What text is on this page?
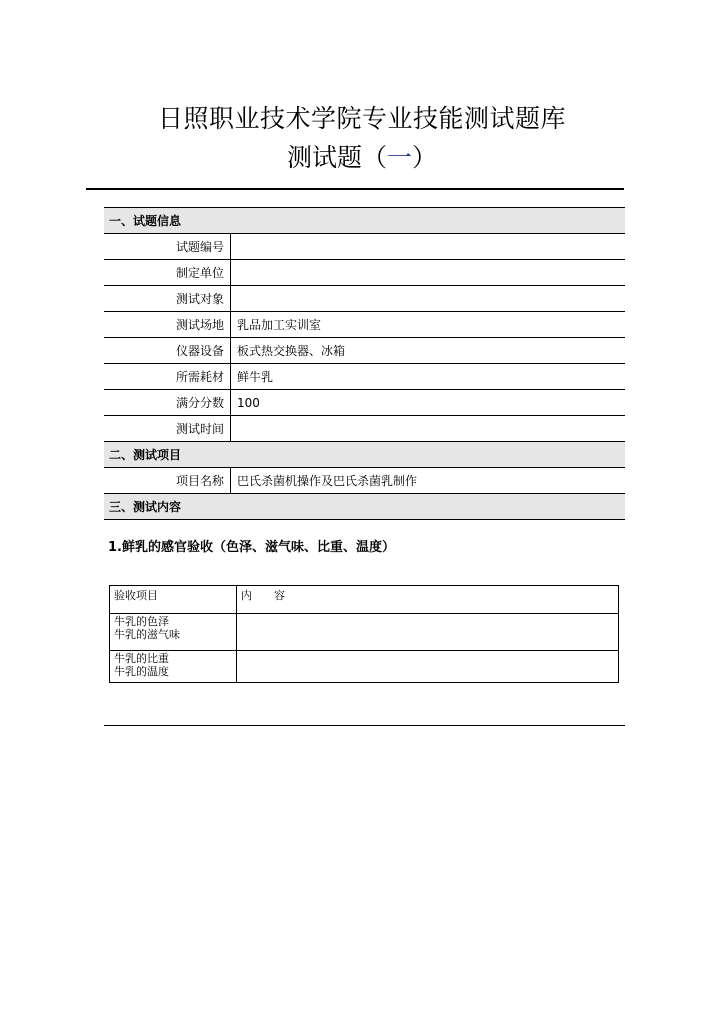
日照职业技术学院专业技能测试题库
测试题（一）
一、试题信息	
试题编号	
制定单位	
测试对象	
测试场地	乳品加工实训室
仪器设备	板式热交换器、冰箱
所需耗材	鲜牛乳
满分分数	100
测试时间	
二、测试项目	
项目名称	巴氏杀菌机操作及巴氏杀菌乳制作
三、测试内容	
1.鲜乳的感官验收（色泽、滋气味、比重、温度）
验收项目	内　　容

牛乳的色泽
牛乳的滋气味	

牛乳的比重
牛乳的温度	
